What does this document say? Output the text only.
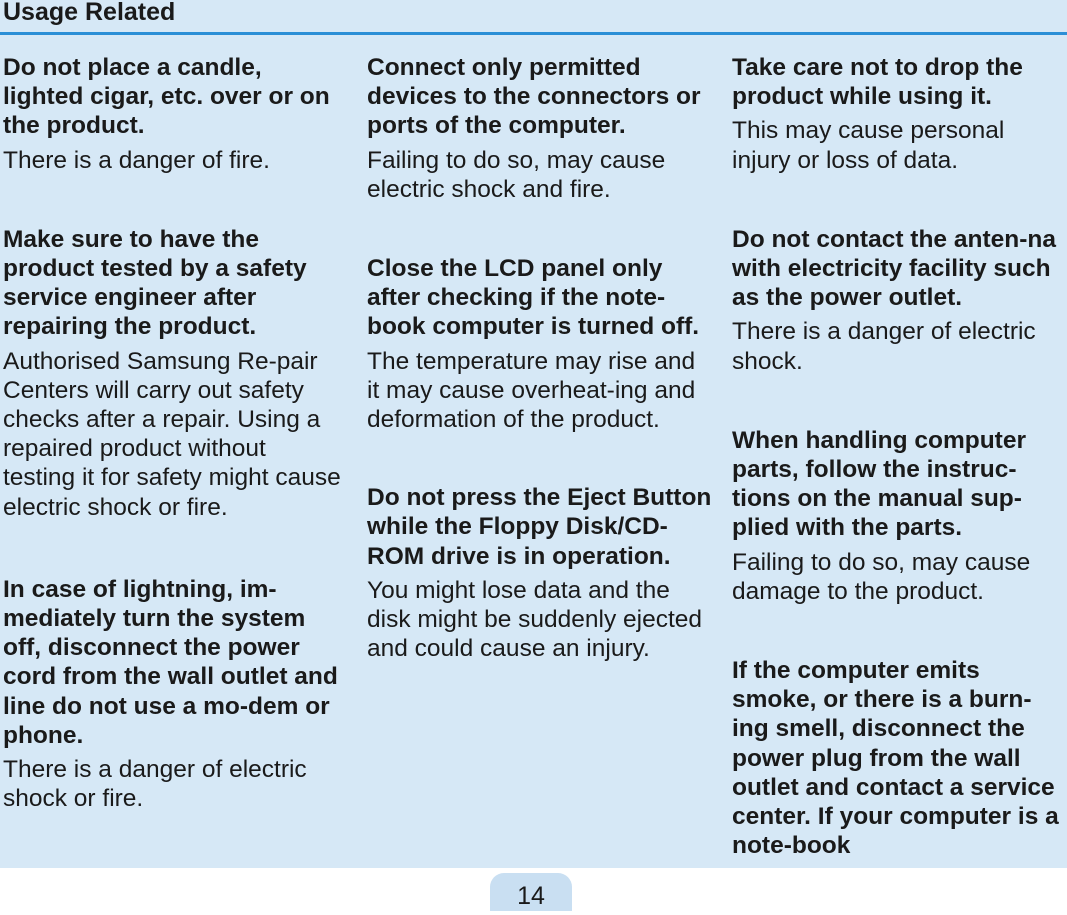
Usage Related

Do not place a candle, lighted cigar, etc. over or on the product.

There is a danger of fire.

Make sure to have the product tested by a safety service engineer after repairing the product.

Authorised Samsung Re-pair Centers will carry out safety checks after a repair. Using a repaired product without testing it for safety might cause electric shock or fire.

In case of lightning, im-mediately turn the system off, disconnect the power cord from the wall outlet and line do not use a mo-dem or phone.

There is a danger of electric shock or fire.

Connect only permitted devices to the connectors or ports of the computer.

Failing to do so, may cause electric shock and fire.

Close the LCD panel only after checking if the note-book computer is turned off.

The temperature may rise and it may cause overheat-ing and deformation of the product.

Do not press the Eject Button while the Floppy Disk/CD-ROM drive is in operation.

You might lose data and the disk might be suddenly ejected and could cause an injury.

Take care not to drop the product while using it.

This may cause personal injury or loss of data.

Do not contact the anten-na with electricity facility such as the power outlet.

There is a danger of electric shock.

When handling computer parts, follow the instruc-tions on the manual sup-plied with the parts.

Failing to do so, may cause damage to the product.

If the computer emits smoke, or there is a burn-ing smell, disconnect the power plug from the wall outlet and contact a service center. If your computer is a note-book

14
